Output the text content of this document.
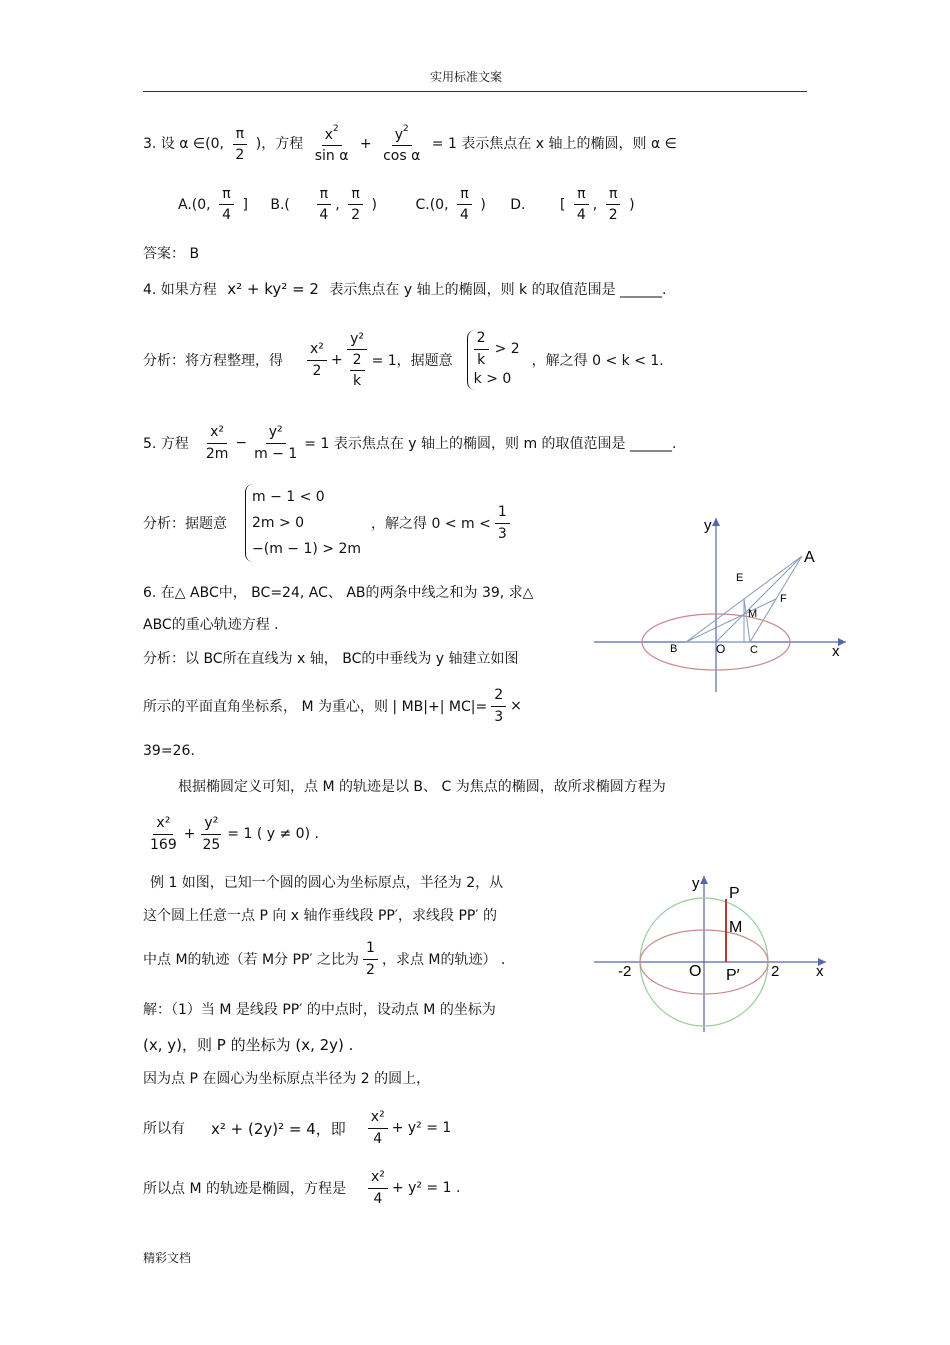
实用标准文案
3. 设 α ∈(0, $\frac{\pi}{2}$ )，方程 $\frac{x^2}{\text{sin α}} + \frac{y^2}{\text{cos α}} = 1$ 表示焦点在 x 轴上的椭圆，则 α ∈
A.(0, $\frac{\pi}{4}$ ] $B.( \frac{\pi}{4}$ , $\frac{\pi}{2}$ )	C.(0, $\frac{\pi}{4}$ ) D. [ $\frac{\pi}{4}$ , $\frac{\pi}{2}$ )
答案： B
4. 如果方程 x² + ky² = 2 表示焦点在 y 轴上的椭圆，则 k 的取值范围是 ______.
分析：将方程整理，得 $\frac{\text{x²}}{2} + \frac{\text{y²}}{\frac{2}{k}} = 1$，据题意 $\frac{2}{k} > 2$
k > 0
，解之得 0 < k < 1.
5. 方程 $\frac{\text{x²}}{2m} - \frac{\text{y²}}{m - 1} = 1$ 表示焦点在 y 轴上的椭圆，则 m 的取值范围是 ______.
分析：据题意
m − 1 < 0
2m > 0
−(m − 1) > 2m
，解之得 $0 < m < \frac{1}{3}$
6. 在△ ABC中， BC=24, AC、 AB的两条中线之和为 39, 求△
ABC的重心轨迹方程 .
分析：以 BC所在直线为 x 轴， BC的中垂线为 y 轴建立如图
所示的平面直角坐标系， M 为重心，则 | MB|+| $MC|= \frac{2}{3}$ ×
39=26.
根据椭圆定义可知，点 M 的轨迹是以 B、 C 为焦点的椭圆，故所求椭圆方程为
$\frac{\text{x²}}{169} + \frac{\text{y²}}{25} = 1$ ( y ≠ 0) .
y
A
E
F
M
B	O C	x
例 1 如图，已知一个圆的圆心为坐标原点，半径为 2，从
这个圆上任意一点 P 向 x 轴作垂线段 PP′，求线段 PP′ 的
中点 M的轨迹（若 M分 PP′ 之比为 $\frac{1}{2}$ ，求点 M的轨迹） .
解：（1）当 M 是线段 PP′ 的中点时，设动点 M 的坐标为
(x, y)，则 P 的坐标为 (x, 2y) .
因为点 P 在圆心为坐标原点半径为 2 的圆上，
所以有 x² + (2y)² = 4，即 $\frac{\text{x²}}{4} + y^2 = 1$
所以点 M 的轨迹是椭圆，方程是 $\frac{\text{x²}}{4} + y^2 = 1$ .
y
P
M
-2	O P′ 2 x
精彩文档
